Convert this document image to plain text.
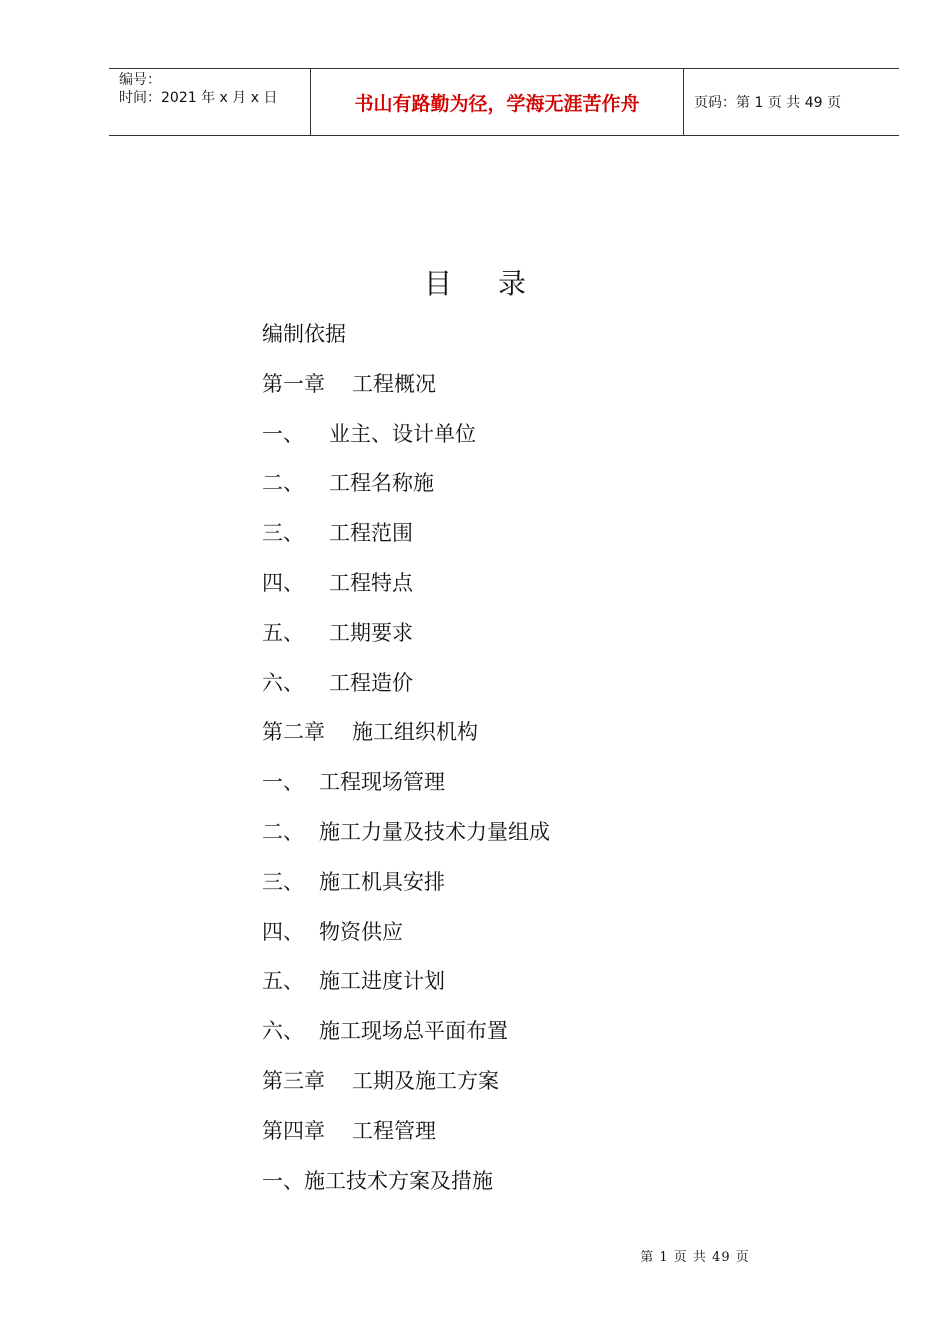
编号：
时间：2021 年 x 月 x 日	书山有路勤为径，学海无涯苦作舟	页码：第 1 页 共 49 页
目录
编制依据
第一章	工程概况
一、	业主、设计单位
二、	工程名称施
三、	工程范围
四、	工程特点
五、	工期要求
六、	工程造价
第二章	施工组织机构
一、 工程现场管理
二、 施工力量及技术力量组成
三、 施工机具安排
四、 物资供应
五、 施工进度计划
六、 施工现场总平面布置
第三章	工期及施工方案
第四章	工程管理
一、施工技术方案及措施
第 1 页 共 49 页
